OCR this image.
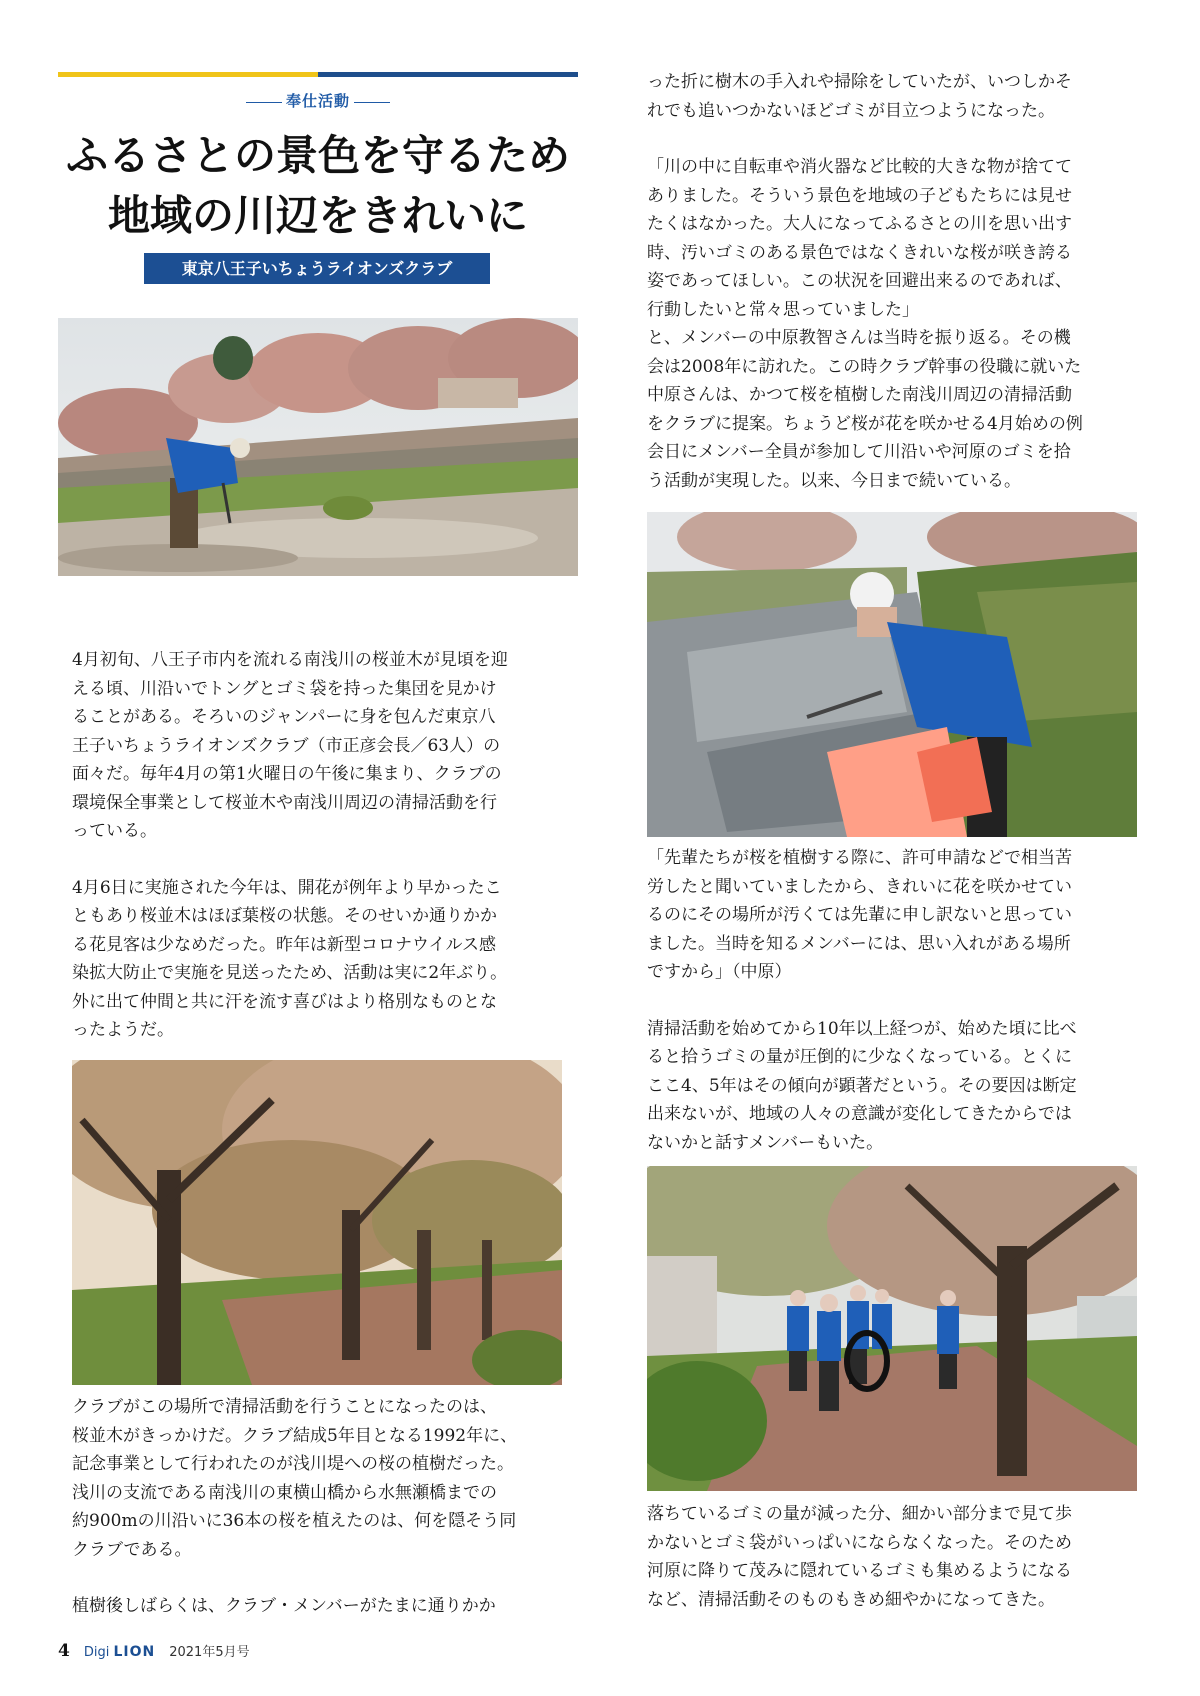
奉仕活動
ふるさとの景色を守るため
地域の川辺をきれいに
東京八王子いちょうライオンズクラブ

4月初旬、八王子市内を流れる南浅川の桜並木が見頃を迎
える頃、川沿いでトングとゴミ袋を持った集団を見かけ
ることがある。そろいのジャンパーに身を包んだ東京八
王子いちょうライオンズクラブ（市正彦会長／63人）の
面々だ。毎年4月の第1火曜日の午後に集まり、クラブの
環境保全事業として桜並木や南浅川周辺の清掃活動を行
っている。

4月6日に実施された今年は、開花が例年より早かったこ
ともあり桜並木はほぼ葉桜の状態。そのせいか通りかか
る花見客は少なめだった。昨年は新型コロナウイルス感
染拡大防止で実施を見送ったため、活動は実に2年ぶり。
外に出て仲間と共に汗を流す喜びはより格別なものとな
ったようだ。

クラブがこの場所で清掃活動を行うことになったのは、
桜並木がきっかけだ。クラブ結成5年目となる1992年に、
記念事業として行われたのが浅川堤への桜の植樹だった。
浅川の支流である南浅川の東横山橋から水無瀬橋までの
約900mの川沿いに36本の桜を植えたのは、何を隠そう同
クラブである。

植樹後しばらくは、クラブ・メンバーがたまに通りかか

った折に樹木の手入れや掃除をしていたが、いつしかそ
れでも追いつかないほどゴミが目立つようになった。

「川の中に自転車や消火器など比較的大きな物が捨てて
ありました。そういう景色を地域の子どもたちには見せ
たくはなかった。大人になってふるさとの川を思い出す
時、汚いゴミのある景色ではなくきれいな桜が咲き誇る
姿であってほしい。この状況を回避出来るのであれば、
行動したいと常々思っていました」
と、メンバーの中原教智さんは当時を振り返る。その機
会は2008年に訪れた。この時クラブ幹事の役職に就いた
中原さんは、かつて桜を植樹した南浅川周辺の清掃活動
をクラブに提案。ちょうど桜が花を咲かせる4月始めの例
会日にメンバー全員が参加して川沿いや河原のゴミを拾
う活動が実現した。以来、今日まで続いている。

「先輩たちが桜を植樹する際に、許可申請などで相当苦
労したと聞いていましたから、きれいに花を咲かせてい
るのにその場所が汚くては先輩に申し訳ないと思ってい
ました。当時を知るメンバーには、思い入れがある場所
ですから」（中原）

清掃活動を始めてから10年以上経つが、始めた頃に比べ
ると拾うゴミの量が圧倒的に少なくなっている。とくに
ここ4、5年はその傾向が顕著だという。その要因は断定
出来ないが、地域の人々の意識が変化してきたからでは
ないかと話すメンバーもいた。

落ちているゴミの量が減った分、細かい部分まで見て歩
かないとゴミ袋がいっぱいにならなくなった。そのため
河原に降りて茂みに隠れているゴミも集めるようになる
など、清掃活動そのものもきめ細やかになってきた。

4 Digi LION 2021年5月号
